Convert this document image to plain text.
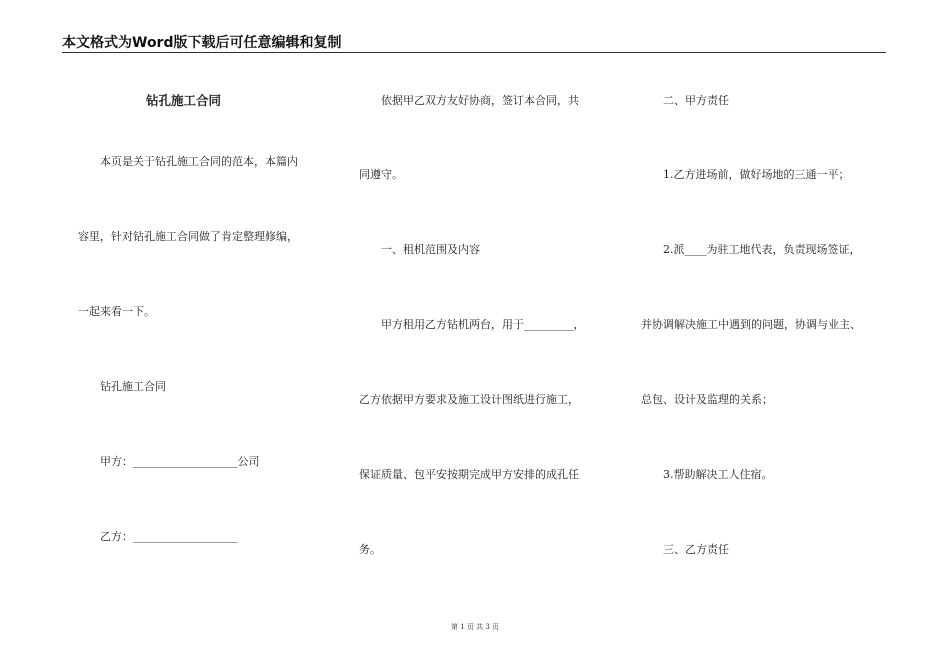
本文格式为Word版下载后可任意编辑和复制
钻孔施工合同
本页是关于钻孔施工合同的范本，本篇内
容里，针对钻孔施工合同做了肯定整理修编，
一起来看一下。
钻孔施工合同
甲方：___________________公司
乙方：___________________
依据甲乙双方友好协商，签订本合同，共
同遵守。
一、租机范围及内容
甲方租用乙方钻机两台，用于_________，
乙方依据甲方要求及施工设计图纸进行施工，
保证质量、包平安按期完成甲方安排的成孔任
务。
二、甲方责任
1.乙方进场前，做好场地的三通一平；
2.派____为驻工地代表，负责现场签证，
并协调解决施工中遇到的问题，协调与业主、
总包、设计及监理的关系；
3.帮助解决工人住宿。
三、乙方责任
第 1 页 共 3 页
